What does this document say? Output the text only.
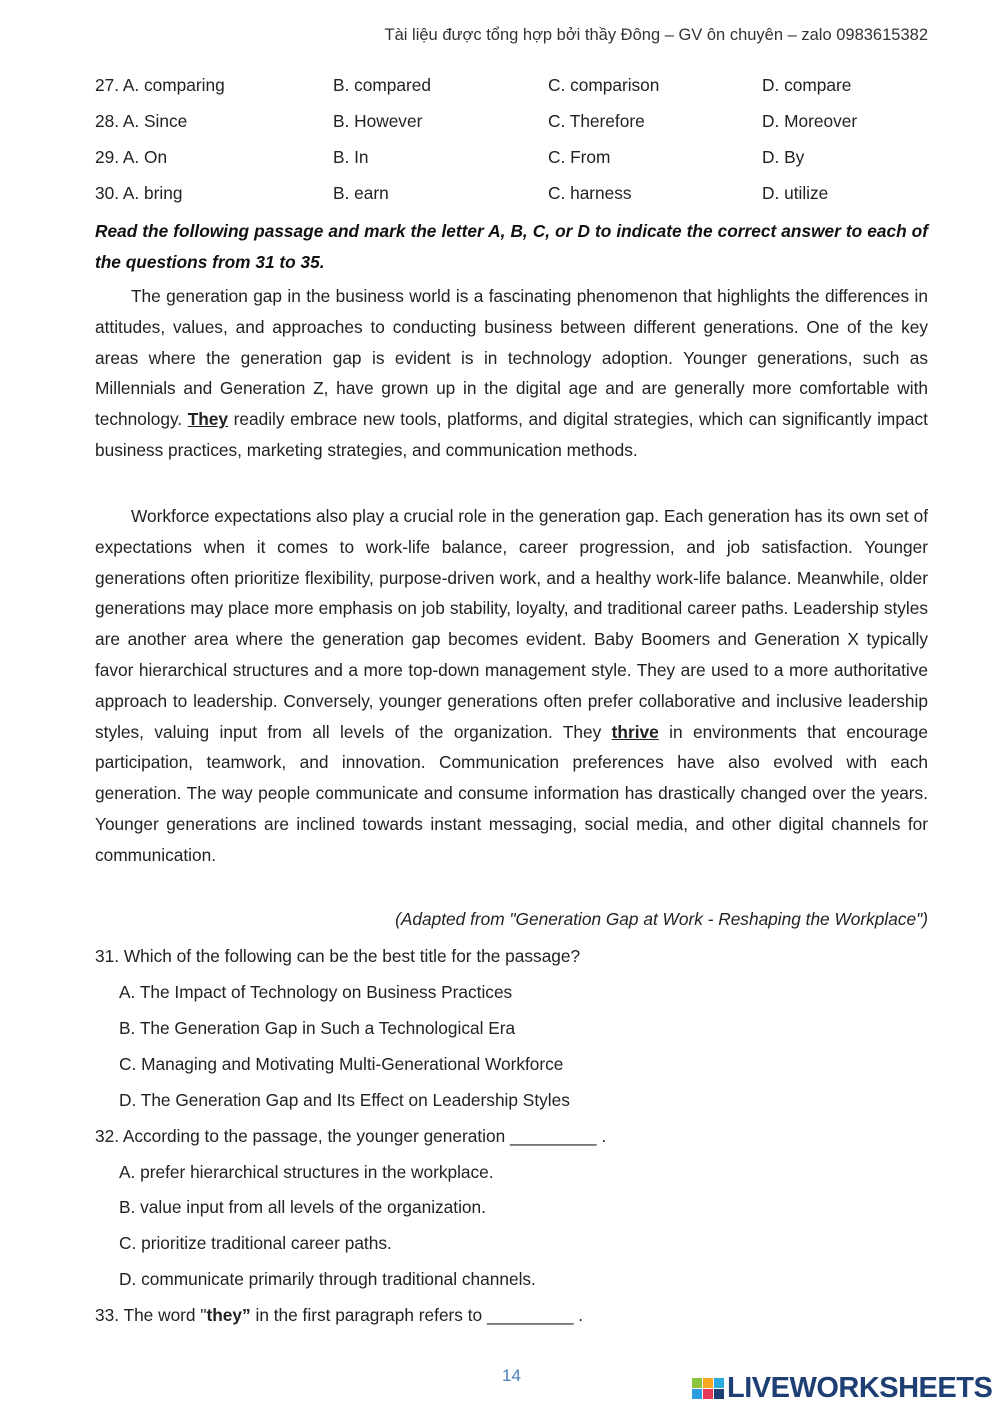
Tài liệu được tổng hợp bởi thầy Đông – GV ôn chuyên – zalo 0983615382
27. A. comparing	B. compared	C. comparison	D. compare
28. A. Since	B. However	C. Therefore	D. Moreover
29. A. On	B. In	C. From	D. By
30. A. bring	B. earn	C. harness	D. utilize
Read the following passage and mark the letter A, B, C, or D to indicate the correct answer to each of the questions from 31 to 35.
The generation gap in the business world is a fascinating phenomenon that highlights the differences in attitudes, values, and approaches to conducting business between different generations. One of the key areas where the generation gap is evident is in technology adoption. Younger generations, such as Millennials and Generation Z, have grown up in the digital age and are generally more comfortable with technology. They readily embrace new tools, platforms, and digital strategies, which can significantly impact business practices, marketing strategies, and communication methods.
Workforce expectations also play a crucial role in the generation gap. Each generation has its own set of expectations when it comes to work-life balance, career progression, and job satisfaction. Younger generations often prioritize flexibility, purpose-driven work, and a healthy work-life balance. Meanwhile, older generations may place more emphasis on job stability, loyalty, and traditional career paths. Leadership styles are another area where the generation gap becomes evident. Baby Boomers and Generation X typically favor hierarchical structures and a more top-down management style. They are used to a more authoritative approach to leadership. Conversely, younger generations often prefer collaborative and inclusive leadership styles, valuing input from all levels of the organization. They thrive in environments that encourage participation, teamwork, and innovation. Communication preferences have also evolved with each generation. The way people communicate and consume information has drastically changed over the years. Younger generations are inclined towards instant messaging, social media, and other digital channels for communication.
(Adapted from "Generation Gap at Work - Reshaping the Workplace")
31. Which of the following can be the best title for the passage?
A. The Impact of Technology on Business Practices
B. The Generation Gap in Such a Technological Era
C. Managing and Motivating Multi-Generational Workforce
D. The Generation Gap and Its Effect on Leadership Styles
32. According to the passage, the younger generation _________ .
A. prefer hierarchical structures in the workplace.
B. value input from all levels of the organization.
C. prioritize traditional career paths.
D. communicate primarily through traditional channels.
33. The word "they” in the first paragraph refers to _________ .
14	LIVEWORKSHEETS
